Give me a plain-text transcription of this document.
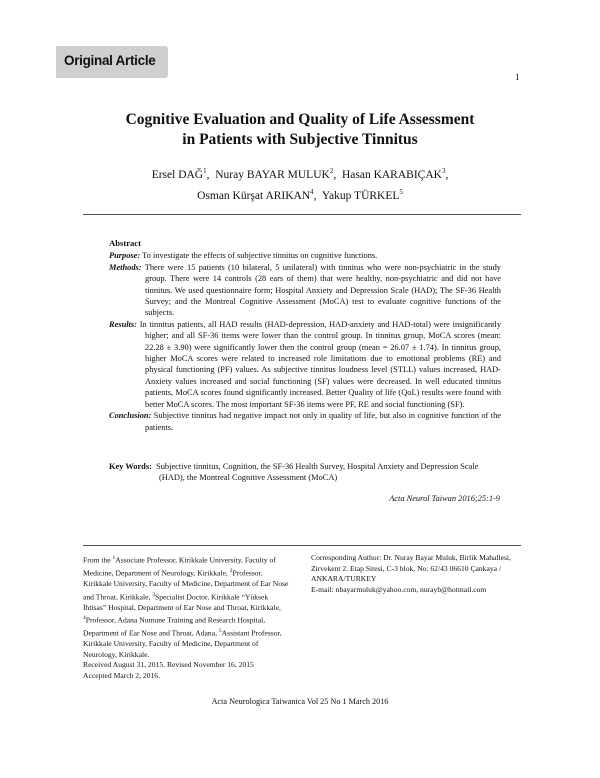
Original Article
1
Cognitive Evaluation and Quality of Life Assessment
in Patients with Subjective Tinnitus
Ersel DAĞ$^1$,  Nuray BAYAR MULUK$^2$,  Hasan KARABIÇAK$^3$,
Osman Kürşat ARIKAN$^4$,  Yakup TÜRKEL$^5$
Abstract

Purpose: To investigate the effects of subjective tinnitus on cognitive functions.

Methods: There were 15 patients (10 bilateral, 5 unilateral) with tinnitus who were non-psychiatric in the study group. There were 14 controls (28 ears of them) that were healthy, non-psychiatric and did not have tinnitus. We used questionnaire form; Hospital Anxiety and Depression Scale (HAD); The SF-36 Health Survey; and the Montreal Cognitive Assessment (MoCA) test to evaluate cognitive functions of the subjects.

Results: In tinnitus patients, all HAD results (HAD-depression, HAD-anxiety and HAD-total) were insignificantly higher; and all SF-36 items were lower than the control group. In tinnitus group, MoCA scores (mean: 22.28 ± 3.90) were significantly lower then the control group (mean = 26.07 ± 1.74). In tinnitus group, higher MoCA scores were related to increased role limitations due to emotional problems (RE) and physical functioning (PF) values. As subjective tinnitus loudness level (STLL) values increased, HAD-Anxiety values increased and social functioning (SF) values were decreased. In well educated tinnitus patients, MoCA scores found significantly increased. Better Quality of life (QoL) results were found with better MoCA scores. The most important SF-36 items were PF, RE and social functioning (SF).

Conclusion: Subjective tinnitus had negative impact not only in quality of life, but also in cognitive function of the patients.

Key Words: Subjective tinnitus, Cognition, the SF-36 Health Survey, Hospital Anxiety and Depression Scale (HAD), the Montreal Cognitive Assessment (MoCA)
Acta Neurol Taiwan 2016;25:1-9

From the $^1$Associate Professor, Kirikkale University, Faculty of Medicine, Department of Neurology, Kirikkale, $^2$Professor, Kirikkale University, Faculty of Medicine, Department of Ear Nose and Throat, Kirikkale, $^3$Specialist Doctor, Kirikkale “Yüksek İhtisas” Hospital, Department of Ear Nose and Throat, Kirikkale, $^4$Professor, Adana Numune Training and Research Hospital, Department of Ear Nose and Throat, Adana, $^5$Assistant Professor, Kirikkale University, Faculty of Medicine, Department of Neurology, Kirikkale.

Received August 31, 2015. Revised November 16, 2015

Accepted March 2, 2016.

Corresponding Author: Dr. Nuray Bayar Muluk, Birlik Mahallesi, Zirvekent 2. Etap Sitesi, C-3 blok, No: 62/43 06610 Çankaya / ANKARA/TURKEY

E-mail: nbayarmuluk@yahoo.com, nurayb@hotmail.com

Acta Neurologica Taiwanica Vol 25 No 1 March 2016
